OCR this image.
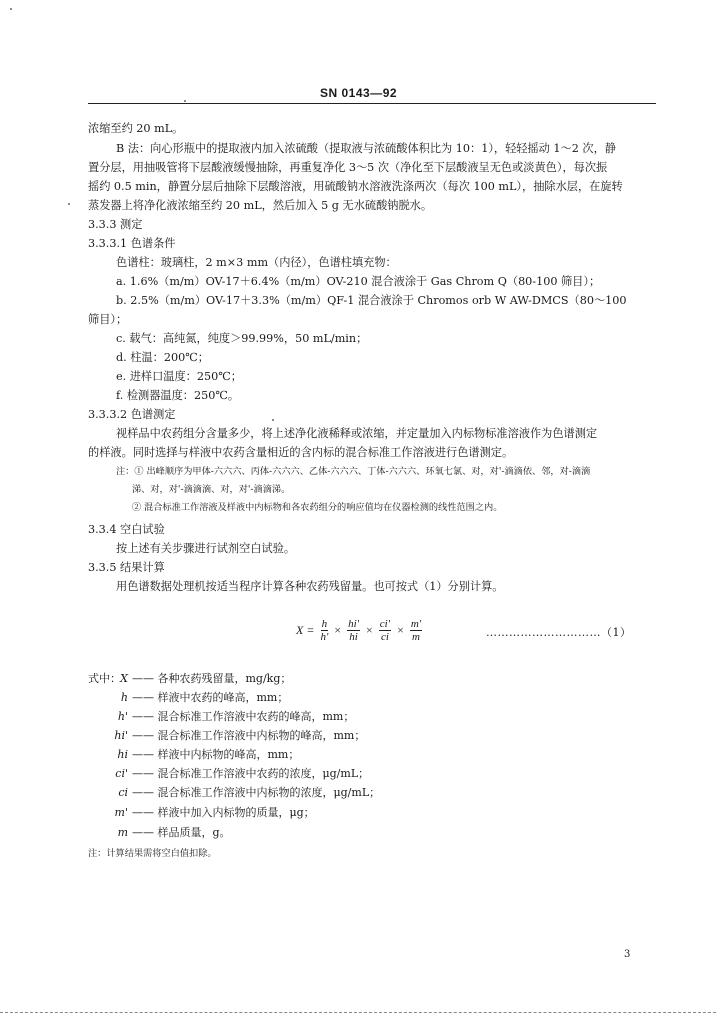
SN 0143—92
浓缩至约 20 mL。
B 法：向心形瓶中的提取液内加入浓硫酸（提取液与浓硫酸体积比为 10：1），轻轻摇动 1～2 次，静
置分层，用抽吸管将下层酸液缓慢抽除，再重复净化 3～5 次（净化至下层酸液呈无色或淡黄色），每次振
摇约 0.5 min，静置分层后抽除下层酸溶液，用硫酸钠水溶液洗涤两次（每次 100 mL），抽除水层，在旋转
蒸发器上将净化液浓缩至约 20 mL，然后加入 5 g 无水硫酸钠脱水。
3.3.3 测定
3.3.3.1 色谱条件
色谱柱：玻璃柱，2 m×3 mm（内径），色谱柱填充物：
a. 1.6%（m/m）OV-17＋6.4%（m/m）OV-210 混合液涂于 Gas Chrom Q（80-100 筛目）；
b. 2.5%（m/m）OV-17＋3.3%（m/m）QF-1 混合液涂于 Chromos orb W AW-DMCS（80～100
筛目）；
c. 载气：高纯氮，纯度＞99.99%，50 mL/min；
d. 柱温：200℃；
e. 进样口温度：250℃；
f. 检测器温度：250℃。
3.3.3.2 色谱测定
视样品中农药组分含量多少，将上述净化液稀释或浓缩，并定量加入内标物标准溶液作为色谱测定
的样液。同时选择与样液中农药含量相近的含内标的混合标准工作溶液进行色谱测定。
注：① 出峰顺序为甲体-六六六、丙体-六六六、乙体-六六六、丁体-六六六、环氧七氯、对，对'-滴滴依、邻，对-滴滴
涕、对，对'-滴滴滴、对，对'-滴滴涕。
② 混合标准工作溶液及样液中内标物和各农药组分的响应值均在仪器检测的线性范围之内。
3.3.4 空白试验
按上述有关步骤进行试剂空白试验。
3.3.5 结果计算
用色谱数据处理机按适当程序计算各种农药残留量。也可按式（1）分别计算。
$X = \frac{h}{h'} \times \frac{hi'}{hi} \times \frac{ci'}{ci} \times \frac{m'}{m}$	…………………………（1）
式中： X —— 各种农药残留量，mg/kg；
h —— 样液中农药的峰高，mm；
h' —— 混合标准工作溶液中农药的峰高，mm；
hi' —— 混合标准工作溶液中内标物的峰高，mm；
hi —— 样液中内标物的峰高，mm；
ci' —— 混合标准工作溶液中农药的浓度，μg/mL；
ci —— 混合标准工作溶液中内标物的浓度，μg/mL；
m' —— 样液中加入内标物的质量，μg；
m —— 样品质量，g。
注：计算结果需将空白值扣除。
3
